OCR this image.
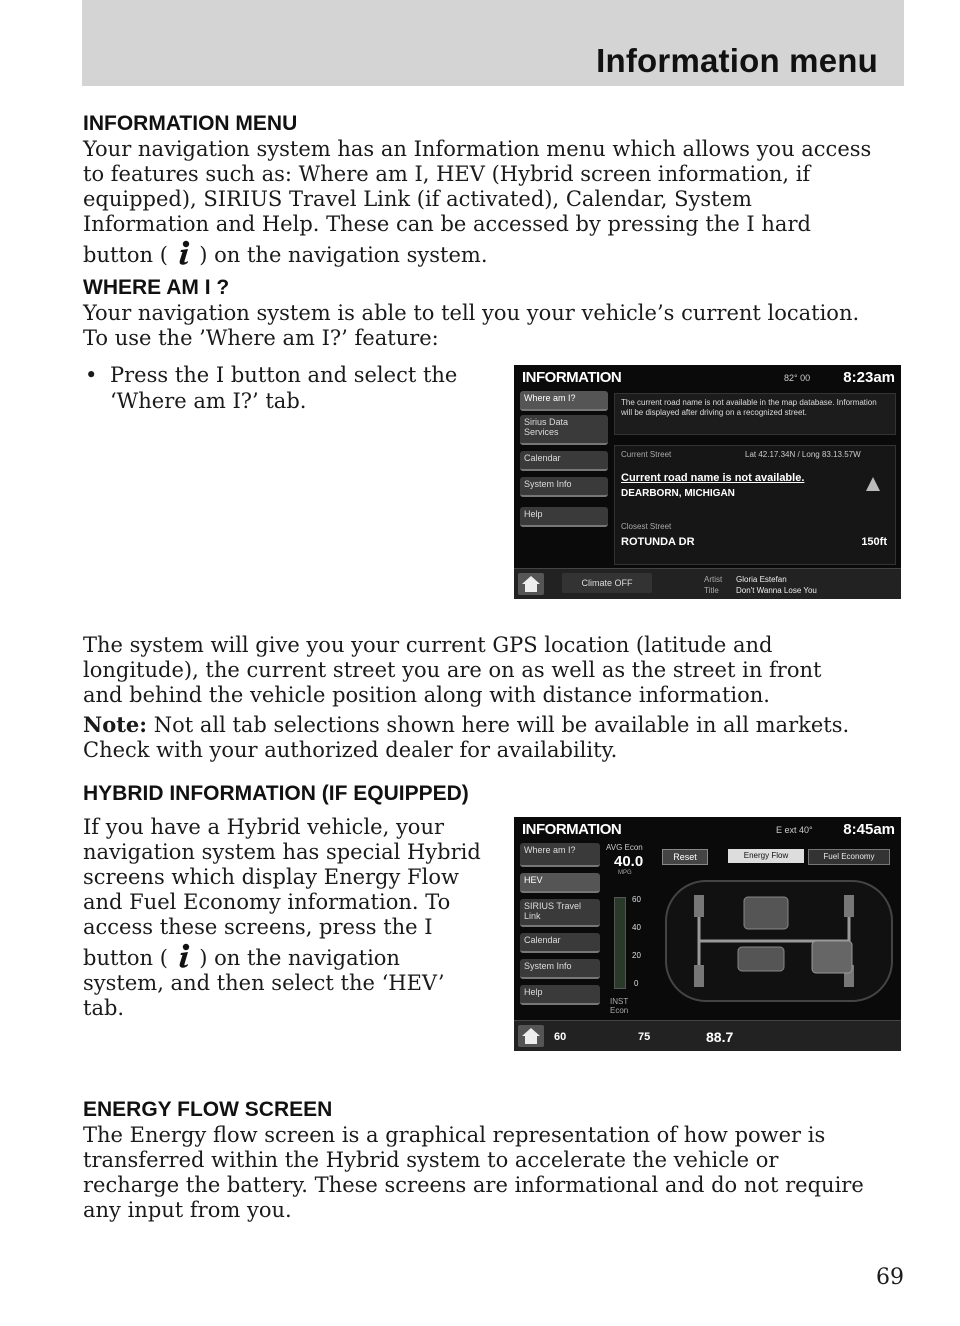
Information menu
INFORMATION MENU

Your navigation system has an Information menu which allows you access

to features such as: Where am I, HEV (Hybrid screen information, if

equipped), SIRIUS Travel Link (if activated), Calendar, System

Information and Help. These can be accessed by pressing the I hard

button ( ) on the navigation system.

WHERE AM I ?

Your navigation system is able to tell you your vehicle’s current location.

To use the ’Where am I?’ feature:

• Press the I button and select the

‘Where am I?’ tab.

INFORMATION	82° 00 8:23am
Where am I?
Sirius Data Services
Calendar
System Info
Help
The current road name is not available in the map database. Information will be displayed after driving on a recognized street.
Current Street	Lat 42.17.34N / Long 83.13.57W
Current road name is not available.
DEARBORN, MICHIGAN
Closest Street
ROTUNDA DR	150ft
Climate OFF	Artist Gloria Estefan
Title Don't Wanna Lose You

The system will give you your current GPS location (latitude and

longitude), the current street you are on as well as the street in front

and behind the vehicle position along with distance information.

Note: Not all tab selections shown here will be available in all markets.

Check with your authorized dealer for availability.

HYBRID INFORMATION (IF EQUIPPED)

If you have a Hybrid vehicle, your

navigation system has special Hybrid

screens which display Energy Flow

and Fuel Economy information. To

access these screens, press the I

button ( ) on the navigation

system, and then select the ‘HEV’

tab.

INFORMATION	E ext 40° 8:45am
Where am I?
HEV
SIRIUS Travel Link
Calendar
System Info
Help
AVG Econ
40.0
MPG
Reset	Energy Flow	Fuel Economy
60
40
20
0
INST Econ
60	75	88.7
ENERGY FLOW SCREEN

The Energy flow screen is a graphical representation of how power is

transferred within the Hybrid system to accelerate the vehicle or

recharge the battery. These screens are informational and do not require

any input from you.

69
